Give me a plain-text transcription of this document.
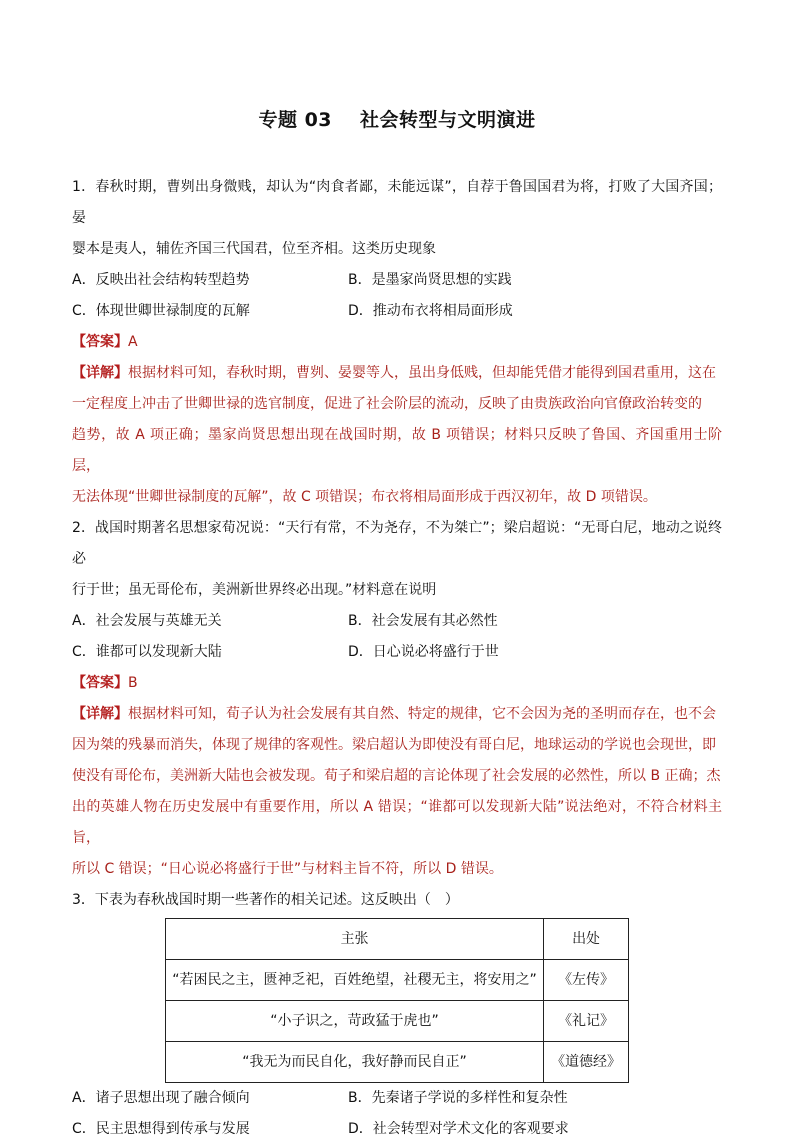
专题 03 社会转型与文明演进

1．春秋时期，曹刿出身微贱，却认为“肉食者鄙，未能远谋”，自荐于鲁国国君为将，打败了大国齐国；晏

婴本是夷人，辅佐齐国三代国君，位至齐相。这类历史现象

A．反映出社会结构转型趋势	B．是墨家尚贤思想的实践
C．体现世卿世禄制度的瓦解	D．推动布衣将相局面形成

【答案】A

【详解】根据材料可知，春秋时期，曹刿、晏婴等人，虽出身低贱，但却能凭借才能得到国君重用，这在

一定程度上冲击了世卿世禄的选官制度，促进了社会阶层的流动，反映了由贵族政治向官僚政治转变的

趋势，故 A 项正确；墨家尚贤思想出现在战国时期，故 B 项错误；材料只反映了鲁国、齐国重用士阶层，

无法体现“世卿世禄制度的瓦解”，故 C 项错误；布衣将相局面形成于西汉初年，故 D 项错误。

2．战国时期著名思想家荀况说：“天行有常，不为尧存，不为桀亡”；梁启超说：“无哥白尼，地动之说终必

行于世；虽无哥伦布，美洲新世界终必出现。”材料意在说明

A．社会发展与英雄无关	B．社会发展有其必然性
C．谁都可以发现新大陆	D．日心说必将盛行于世

【答案】B

【详解】根据材料可知，荀子认为社会发展有其自然、特定的规律，它不会因为尧的圣明而存在，也不会

因为桀的残暴而消失，体现了规律的客观性。梁启超认为即使没有哥白尼，地球运动的学说也会现世，即

使没有哥伦布，美洲新大陆也会被发现。荀子和梁启超的言论体现了社会发展的必然性，所以 B 正确；杰

出的英雄人物在历史发展中有重要作用，所以 A 错误；“谁都可以发现新大陆”说法绝对，不符合材料主旨，

所以 C 错误；“日心说必将盛行于世”与材料主旨不符，所以 D 错误。

3．下表为春秋战国时期一些著作的相关记述。这反映出（　）

主张	出处
“若困民之主，匮神乏祀，百姓绝望，社稷无主，将安用之”	《左传》
“小子识之，苛政猛于虎也”	《礼记》
“我无为而民自化，我好静而民自正”	《道德经》
A．诸子思想出现了融合倾向	B．先秦诸子学说的多样性和复杂性
C．民主思想得到传承与发展	D．社会转型对学术文化的客观要求
